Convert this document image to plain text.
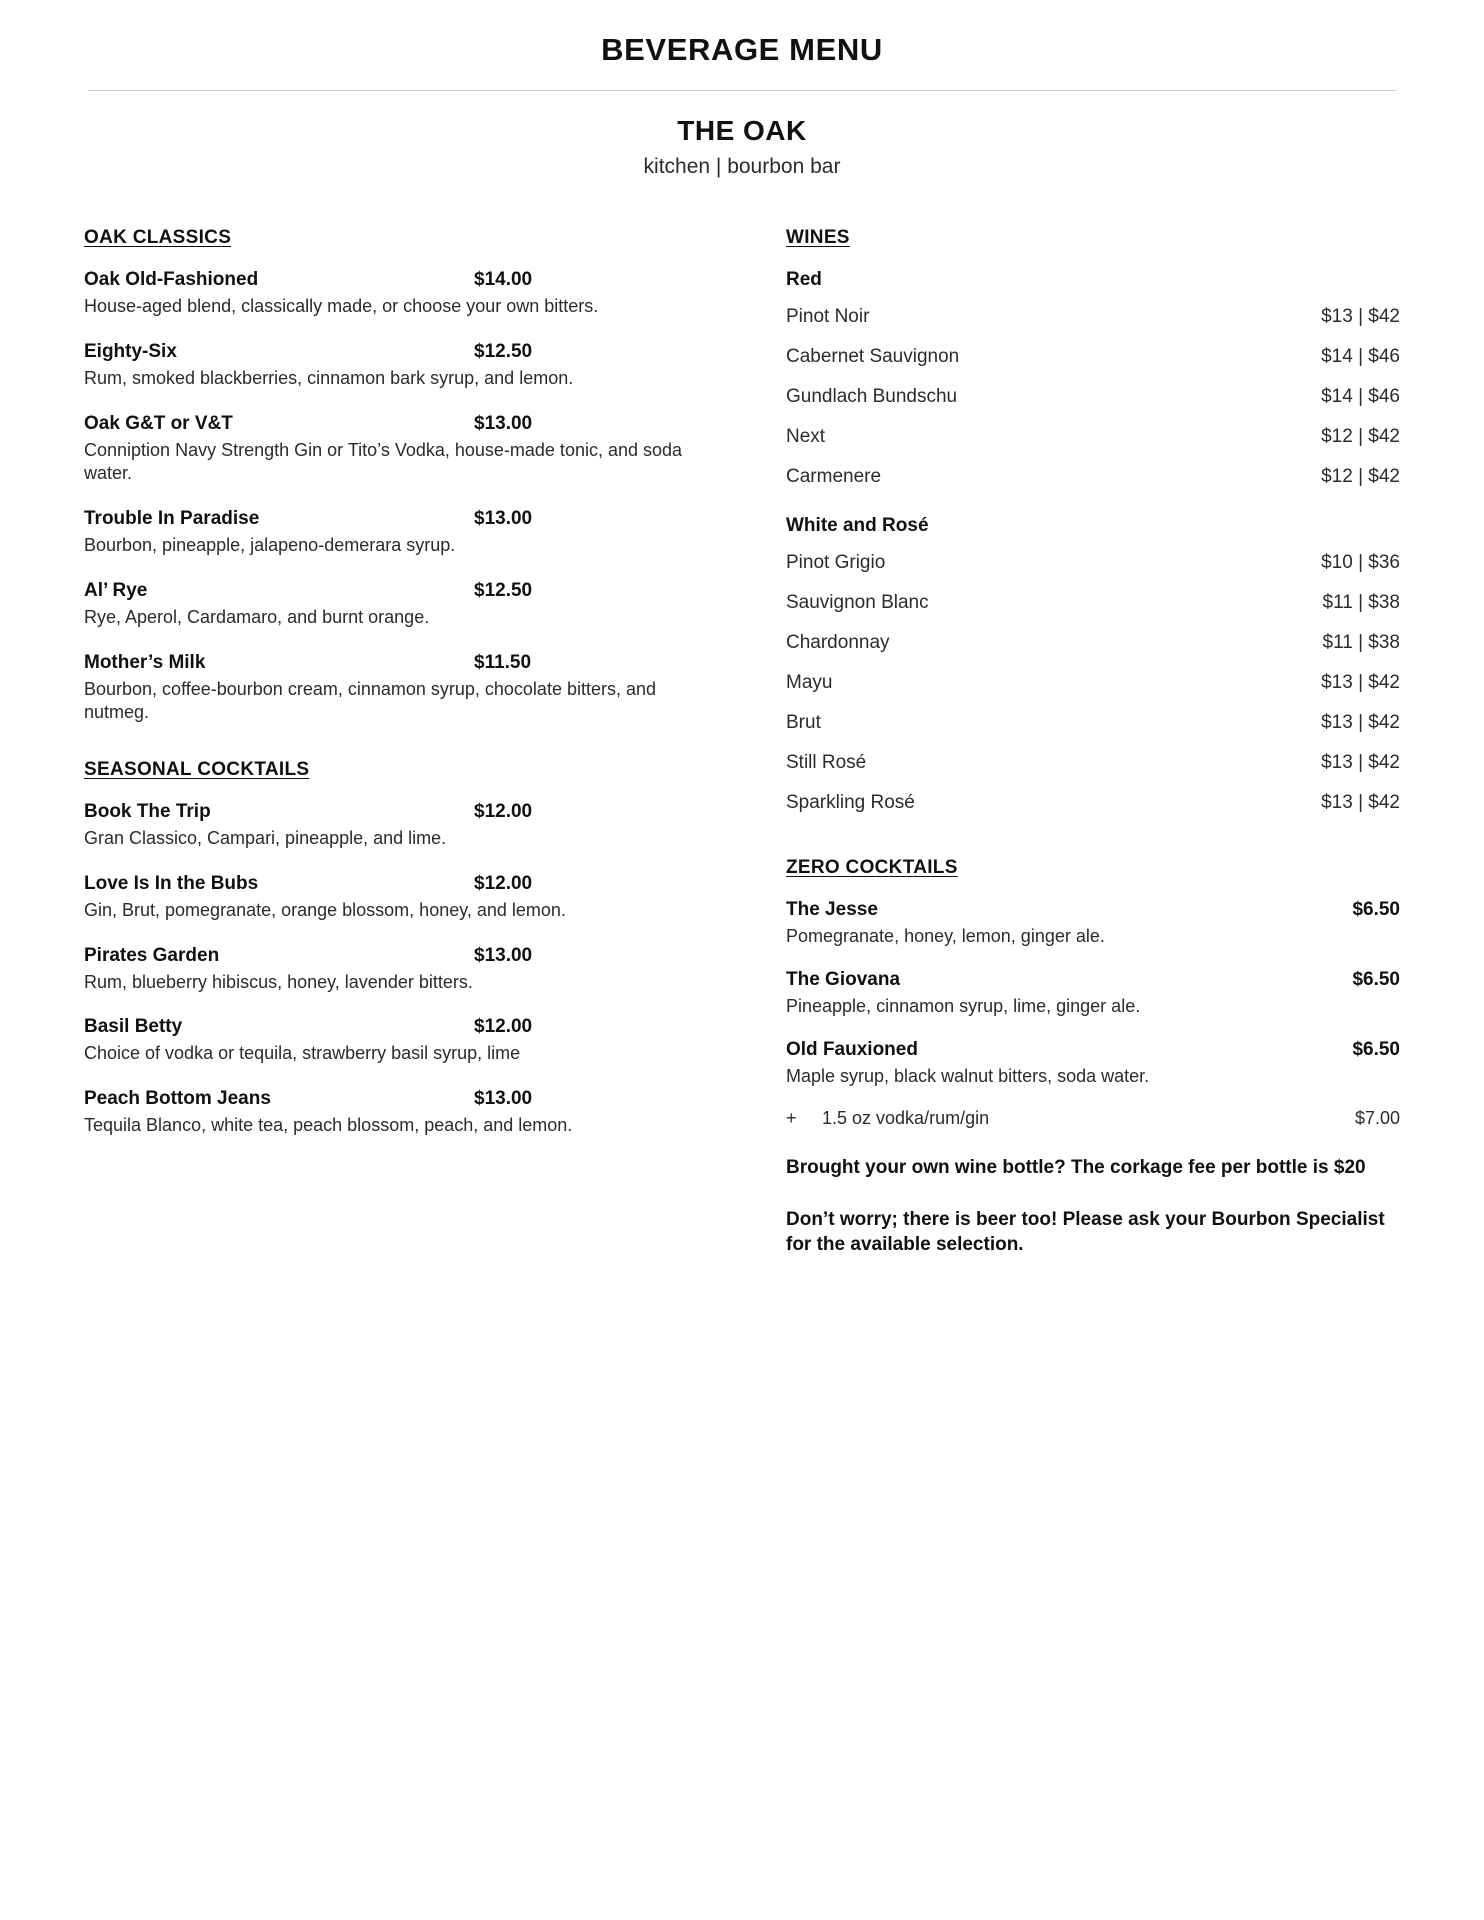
BEVERAGE MENU
THE OAK
kitchen | bourbon bar
OAK CLASSICS
Oak Old-Fashioned	$14.00
House-aged blend, classically made, or choose your own bitters.
Eighty-Six	$12.50
Rum, smoked blackberries, cinnamon bark syrup, and lemon.
Oak G&T or V&T	$13.00
Conniption Navy Strength Gin or Tito’s Vodka, house-made tonic, and soda water.
Trouble In Paradise	$13.00
Bourbon, pineapple, jalapeno-demerara syrup.
Al’ Rye	$12.50
Rye, Aperol, Cardamaro, and burnt orange.
Mother’s Milk	$11.50
Bourbon, coffee-bourbon cream, cinnamon syrup, chocolate bitters, and nutmeg.
SEASONAL COCKTAILS
Book The Trip	$12.00
Gran Classico, Campari, pineapple, and lime.
Love Is In the Bubs	$12.00
Gin, Brut, pomegranate, orange blossom, honey, and lemon.
Pirates Garden	$13.00
Rum, blueberry hibiscus, honey, lavender bitters.
Basil Betty	$12.00
Choice of vodka or tequila, strawberry basil syrup, lime
Peach Bottom Jeans	$13.00
Tequila Blanco, white tea, peach blossom, peach, and lemon.
WINES
Red
Pinot Noir	$13 | $42
Cabernet Sauvignon	$14 | $46
Gundlach Bundschu	$14 | $46
Next	$12 | $42
Carmenere	$12 | $42
White and Rosé
Pinot Grigio	$10 | $36
Sauvignon Blanc	$11 | $38
Chardonnay	$11 | $38
Mayu	$13 | $42
Brut	$13 | $42
Still Rosé	$13 | $42
Sparkling Rosé	$13 | $42
ZERO COCKTAILS
The Jesse	$6.50
Pomegranate, honey, lemon, ginger ale.
The Giovana	$6.50
Pineapple, cinnamon syrup, lime, ginger ale.
Old Fauxioned	$6.50
Maple syrup, black walnut bitters, soda water.
+	1.5 oz vodka/rum/gin	$7.00
Brought your own wine bottle? The corkage fee per bottle is $20
Don’t worry; there is beer too! Please ask your Bourbon Specialist for the available selection.
